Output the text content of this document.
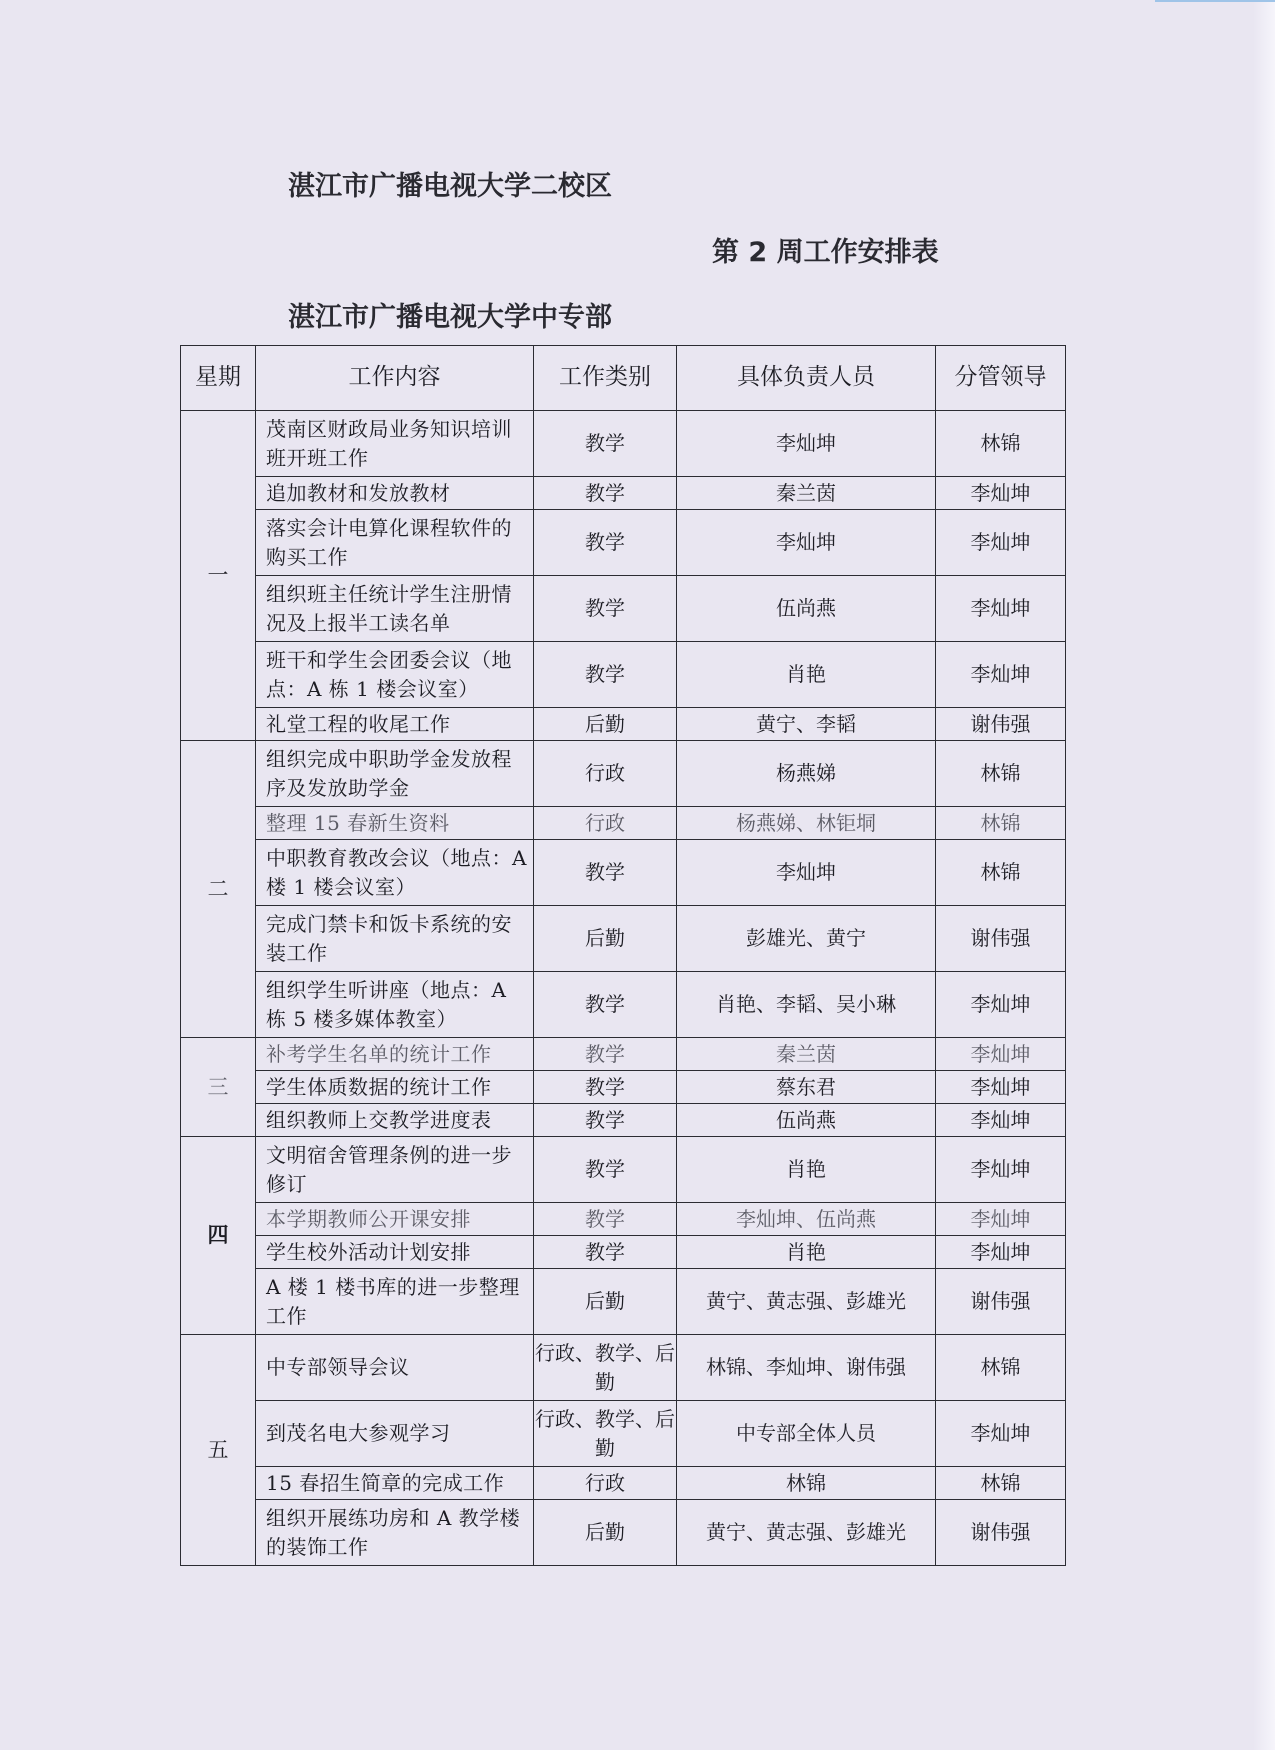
湛江市广播电视大学二校区
第 2 周工作安排表
湛江市广播电视大学中专部
星期	工作内容	工作类别	具体负责人员	分管领导
一	茂南区财政局业务知识培训班开班工作	教学	李灿坤	林锦
	追加教材和发放教材	教学	秦兰茵	李灿坤
	落实会计电算化课程软件的购买工作	教学	李灿坤	李灿坤
	组织班主任统计学生注册情况及上报半工读名单	教学	伍尚燕	李灿坤
	班干和学生会团委会议（地点：A 栋 1 楼会议室）	教学	肖艳	李灿坤
	礼堂工程的收尾工作	后勤	黄宁、李韬	谢伟强
二	组织完成中职助学金发放程序及发放助学金	行政	杨燕娣	林锦
	整理 15 春新生资料	行政	杨燕娣、林钜垌	林锦
	中职教育教改会议（地点：A 楼 1 楼会议室）	教学	李灿坤	林锦
	完成门禁卡和饭卡系统的安装工作	后勤	彭雄光、黄宁	谢伟强
	组织学生听讲座（地点：A 栋 5 楼多媒体教室）	教学	肖艳、李韬、吴小琳	李灿坤
三	补考学生名单的统计工作	教学	秦兰茵	李灿坤
	学生体质数据的统计工作	教学	蔡东君	李灿坤
	组织教师上交教学进度表	教学	伍尚燕	李灿坤
四	文明宿舍管理条例的进一步修订	教学	肖艳	李灿坤
	本学期教师公开课安排	教学	李灿坤、伍尚燕	李灿坤
	学生校外活动计划安排	教学	肖艳	李灿坤
	A 楼 1 楼书库的进一步整理工作	后勤	黄宁、黄志强、彭雄光	谢伟强
五	中专部领导会议	行政、教学、后勤	林锦、李灿坤、谢伟强	林锦
	到茂名电大参观学习	行政、教学、后勤	中专部全体人员	李灿坤
	15 春招生简章的完成工作	行政	林锦	林锦
	组织开展练功房和 A 教学楼的装饰工作	后勤	黄宁、黄志强、彭雄光	谢伟强
